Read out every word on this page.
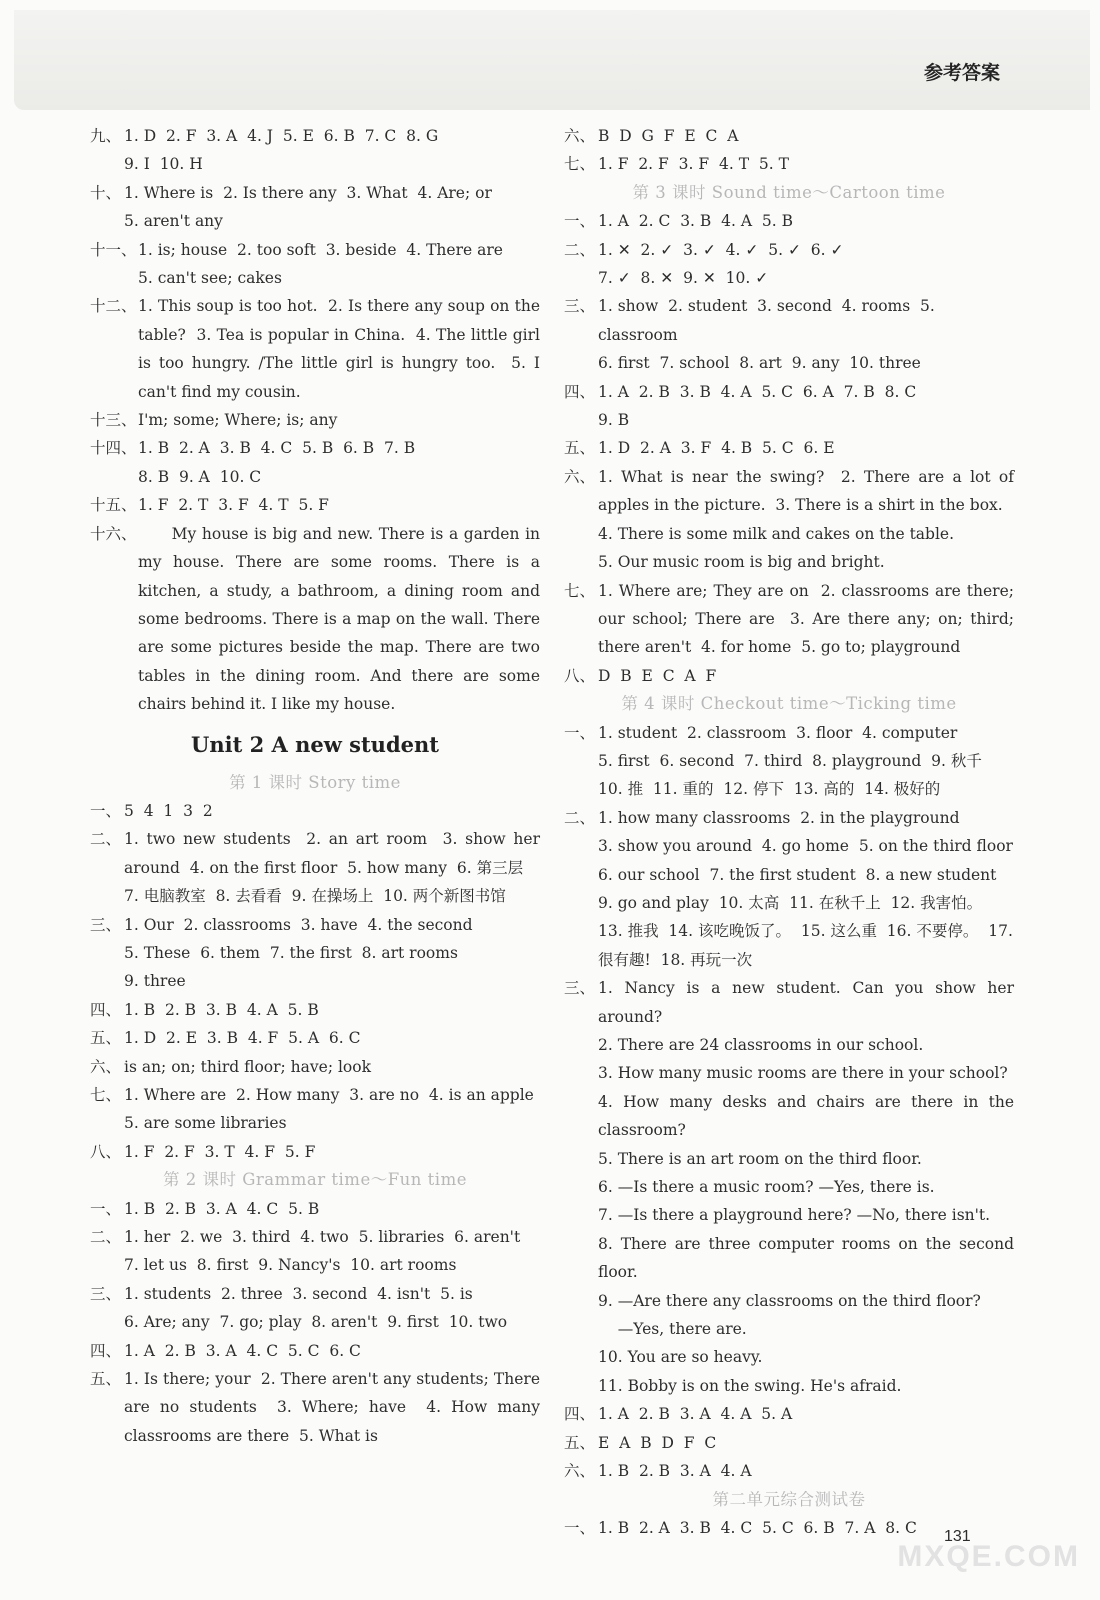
参考答案
九、 1. D  2. F  3. A  4. J  5. E  6. B  7. C  8. G
9. I  10. H
十、 1. Where is  2. Is there any  3. What  4. Are; or
5. aren't any
十一、 1. is; house  2. too soft  3. beside  4. There are
5. can't see; cakes
十二、 1. This soup is too hot.  2. Is there any soup on the table?  3. Tea is popular in China.  4. The little girl is too hungry. /The little girl is hungry too.  5. I can't find my cousin.
十三、 I'm; some; Where; is; any
十四、 1. B  2. A  3. B  4. C  5. B  6. B  7. B
8. B  9. A  10. C
十五、 1. F  2. T  3. F  4. T  5. F
十六、 My house is big and new. There is a garden in my house. There are some rooms. There is a kitchen, a study, a bathroom, a dining room and some bedrooms. There is a map on the wall. There are some pictures beside the map. There are two tables in the dining room. And there are some chairs behind it. I like my house.
Unit 2 A new student
第 1 课时 Story time
一、 5  4  1  3  2
二、 1. two new students  2. an art room  3. show her around  4. on the first floor  5. how many  6. 第三层
7. 电脑教室  8. 去看看  9. 在操场上  10. 两个新图书馆
三、 1. Our  2. classrooms  3. have  4. the second
5. These  6. them  7. the first  8. art rooms
9. three
四、 1. B  2. B  3. B  4. A  5. B
五、 1. D  2. E  3. B  4. F  5. A  6. C
六、 is an; on; third floor; have; look
七、 1. Where are  2. How many  3. are no  4. is an apple  5. are some libraries
八、 1. F  2. F  3. T  4. F  5. F
第 2 课时 Grammar time～Fun time
一、 1. B  2. B  3. A  4. C  5. B
二、 1. her  2. we  3. third  4. two  5. libraries  6. aren't
7. let us  8. first  9. Nancy's  10. art rooms
三、 1. students  2. three  3. second  4. isn't  5. is
6. Are; any  7. go; play  8. aren't  9. first  10. two
四、 1. A  2. B  3. A  4. C  5. C  6. C
五、 1. Is there; your  2. There aren't any students; There are no students  3. Where; have  4. How many classrooms are there  5. What is
六、 B  D  G  F  E  C  A
七、 1. F  2. F  3. F  4. T  5. T
第 3 课时 Sound time～Cartoon time
一、 1. A  2. C  3. B  4. A  5. B
二、 1. ✕  2. ✓  3. ✓  4. ✓  5. ✓  6. ✓
7. ✓  8. ✕  9. ✕  10. ✓
三、 1. show  2. student  3. second  4. rooms  5. classroom
6. first  7. school  8. art  9. any  10. three
四、 1. A  2. B  3. B  4. A  5. C  6. A  7. B  8. C
9. B
五、 1. D  2. A  3. F  4. B  5. C  6. E
六、 1. What is near the swing?  2. There are a lot of apples in the picture.  3. There is a shirt in the box.
4. There is some milk and cakes on the table.
5. Our music room is big and bright.
七、 1. Where are; They are on  2. classrooms are there; our school; There are  3. Are there any; on; third; there aren't  4. for home  5. go to; playground
八、 D  B  E  C  A  F
第 4 课时 Checkout time～Ticking time
一、 1. student  2. classroom  3. floor  4. computer
5. first  6. second  7. third  8. playground  9. 秋千
10. 推  11. 重的  12. 停下  13. 高的  14. 极好的
二、 1. how many classrooms  2. in the playground
3. show you around  4. go home  5. on the third floor
6. our school  7. the first student  8. a new student
9. go and play  10. 太高  11. 在秋千上  12. 我害怕。
13. 推我  14. 该吃晚饭了。  15. 这么重  16. 不要停。  17. 很有趣!  18. 再玩一次
三、 1. Nancy is a new student. Can you show her around?
2. There are 24 classrooms in our school.
3. How many music rooms are there in your school?
4. How many desks and chairs are there in the classroom?
5. There is an art room on the third floor.
6. —Is there a music room? —Yes, there is.
7. —Is there a playground here? —No, there isn't.
8. There are three computer rooms on the second floor.
9. —Are there any classrooms on the third floor?
—Yes, there are.
10. You are so heavy.
11. Bobby is on the swing. He's afraid.
四、 1. A  2. B  3. A  4. A  5. A
五、 E  A  B  D  F  C
六、 1. B  2. B  3. A  4. A
第二单元综合测试卷
一、 1. B  2. A  3. B  4. C  5. C  6. B  7. A  8. C	131
MXQE.COM
